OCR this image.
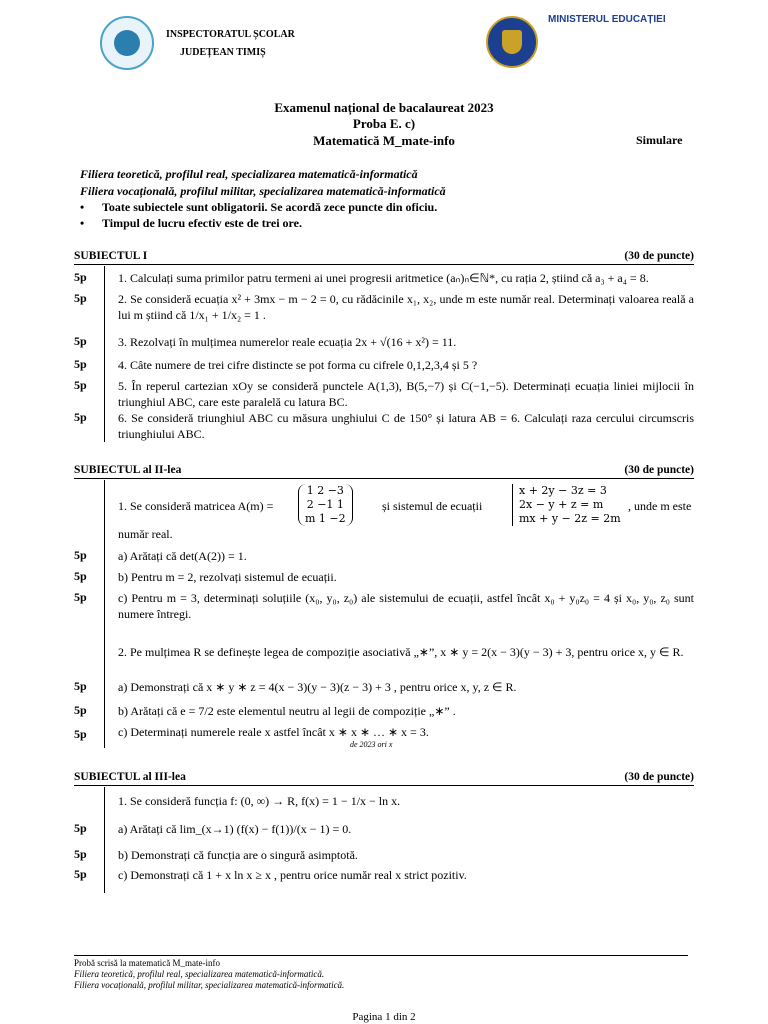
INSPECTORATUL ȘCOLAR
JUDEȚEAN TIMIȘ
MINISTERUL EDUCAȚIEI
Examenul național de bacalaureat 2023
Proba E. c)
Matematică M_mate-info	Simulare
Filiera teoretică, profilul real, specializarea matematică-informatică
Filiera vocațională, profilul militar, specializarea matematică-informatică
• Toate subiectele sunt obligatorii. Se acordă zece puncte din oficiu.
• Timpul de lucru efectiv este de trei ore.
SUBIECTUL I	(30 de puncte)
5p	1. Calculați suma primilor patru termeni ai unei progresii aritmetice (aₙ)ₙ∈ℕ*, cu rația 2, știind că a₃ + a₄ = 8.
5p	2. Se consideră ecuația x² + 3mx − m − 2 = 0, cu rădăcinile x₁, x₂, unde m este număr real. Determinați valoarea reală a lui m știind că 1/x₁ + 1/x₂ = 1 .
5p	3. Rezolvați în mulțimea numerelor reale ecuația 2x + √(16 + x²) = 11.
5p	4. Câte numere de trei cifre distincte se pot forma cu cifrele 0,1,2,3,4 și 5 ?
5p	5. În reperul cartezian xOy se consideră punctele A(1,3), B(5,−7) și C(−1,−5). Determinați ecuația liniei mijlocii în triunghiul ABC, care este paralelă cu latura BC.
5p	6. Se consideră triunghiul ABC cu măsura unghiului C de 150° și latura AB = 6. Calculați raza cercului circumscris triunghiului ABC.
SUBIECTUL al II-lea	(30 de puncte)
1. Se consideră matricea A(m) =
1 2 −3
2 −1 1
m 1 −2
și sistemul de ecuații
x + 2y − 3z = 3
2x − y + z = m
mx + y − 2z = 2m
, unde m este
număr real.
5p	a) Arătați că det(A(2)) = 1.
5p	b) Pentru m = 2, rezolvați sistemul de ecuații.
5p	c) Pentru m = 3, determinați soluțiile (x₀, y₀, z₀) ale sistemului de ecuații, astfel încât x₀ + y₀z₀ = 4 și x₀, y₀, z₀ sunt numere întregi.
2. Pe mulțimea R se definește legea de compoziție asociativă „∗”, x ∗ y = 2(x − 3)(y − 3) + 3, pentru orice x, y ∈ R.
5p	a) Demonstrați că x ∗ y ∗ z = 4(x − 3)(y − 3)(z − 3) + 3 , pentru orice x, y, z ∈ R.
5p	b) Arătați că e = 7/2 este elementul neutru al legii de compoziție „∗” .
5p	c) Determinați numerele reale x astfel încât x ∗ x ∗ … ∗ x = 3.
de 2023 ori x
SUBIECTUL al III-lea	(30 de puncte)
1. Se consideră funcția f: (0, ∞) → R, f(x) = 1 − 1/x − ln x.
5p	a) Arătați că lim_(x→1) (f(x) − f(1))/(x − 1) = 0.
5p	b) Demonstrați că funcția are o singură asimptotă.
5p	c) Demonstrați că 1 + x ln x ≥ x , pentru orice număr real x strict pozitiv.
Probă scrisă la matematică M_mate-info
Filiera teoretică, profilul real, specializarea matematică-informatică.
Filiera vocațională, profilul militar, specializarea matematică-informatică.
Pagina 1 din 2
